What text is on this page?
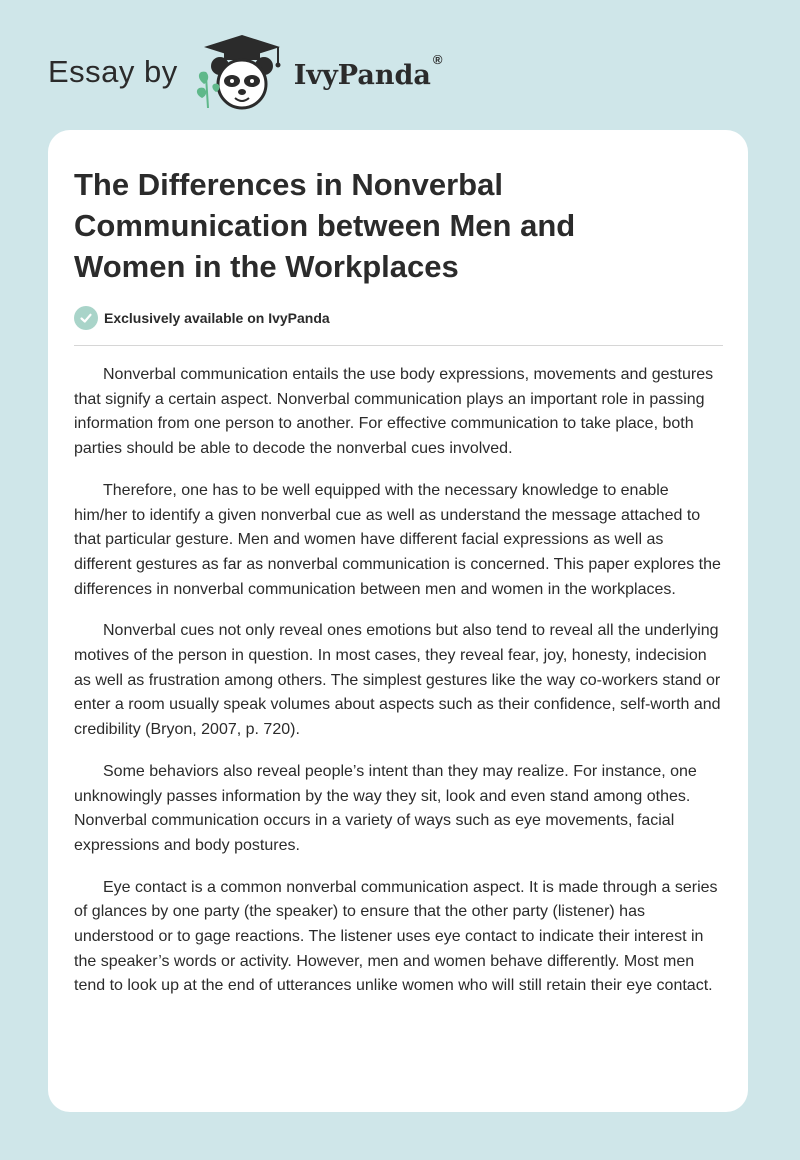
Essay by	IvyPanda®
The Differences in Nonverbal Communication between Men and Women in the Workplaces
Exclusively available on IvyPanda

Nonverbal communication entails the use body expressions, movements and gestures that signify a certain aspect. Nonverbal communication plays an important role in passing information from one person to another. For effective communication to take place, both parties should be able to decode the nonverbal cues involved.

Therefore, one has to be well equipped with the necessary knowledge to enable him/her to identify a given nonverbal cue as well as understand the message attached to that particular gesture. Men and women have different facial expressions as well as different gestures as far as nonverbal communication is concerned. This paper explores the differences in nonverbal communication between men and women in the workplaces.

Nonverbal cues not only reveal ones emotions but also tend to reveal all the underlying motives of the person in question. In most cases, they reveal fear, joy, honesty, indecision as well as frustration among others. The simplest gestures like the way co-workers stand or enter a room usually speak volumes about aspects such as their confidence, self-worth and credibility (Bryon, 2007, p. 720).

Some behaviors also reveal people’s intent than they may realize. For instance, one unknowingly passes information by the way they sit, look and even stand among othes. Nonverbal communication occurs in a variety of ways such as eye movements, facial expressions and body postures.

Eye contact is a common nonverbal communication aspect. It is made through a series of glances by one party (the speaker) to ensure that the other party (listener) has understood or to gage reactions. The listener uses eye contact to indicate their interest in the speaker’s words or activity. However, men and women behave differently. Most men tend to look up at the end of utterances unlike women who will still retain their eye contact.
